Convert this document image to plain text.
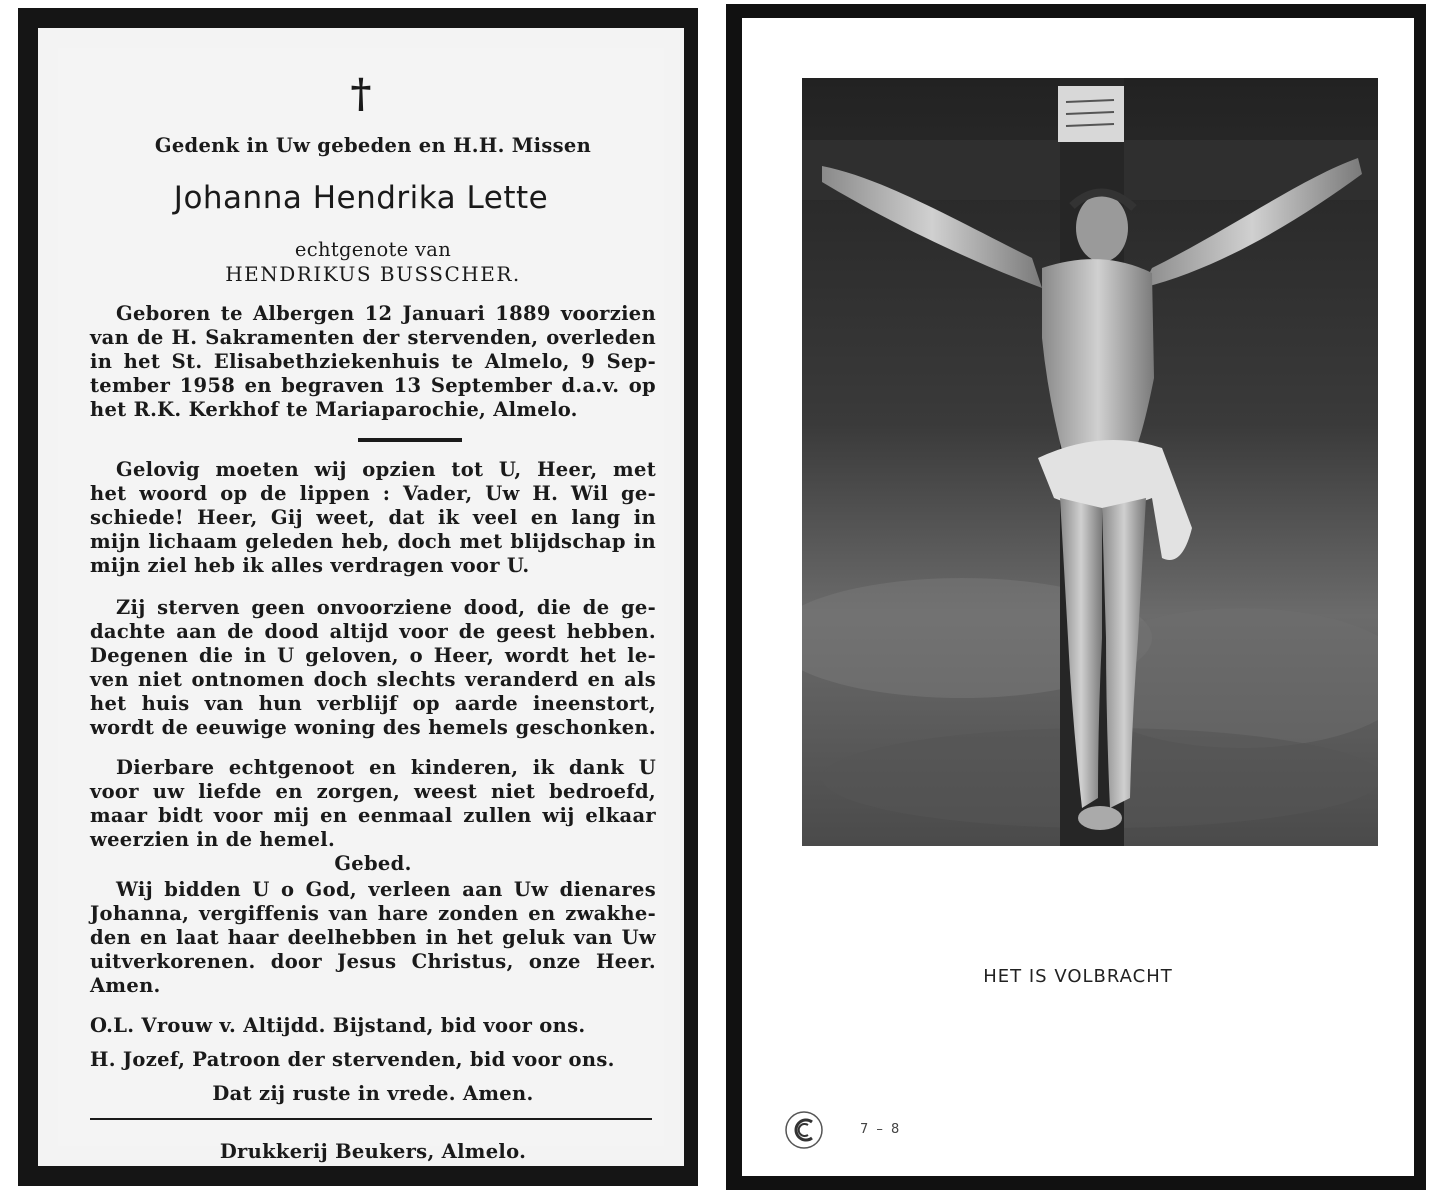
†
Gedenk in Uw gebeden en H.H. Missen
Johanna Hendrika Lette
echtgenote van
HENDRIKUS BUSSCHER.
Geboren te Albergen 12 Januari 1889 voorzien
van de H. Sakramenten der stervenden, overleden
in het St. Elisabethziekenhuis te Almelo, 9 Sep-
tember 1958 en begraven 13 September d.a.v. op
het R.K. Kerkhof te Mariaparochie, Almelo.
Gelovig moeten wij opzien tot U, Heer, met
het woord op de lippen : Vader, Uw H. Wil ge-
schiede! Heer, Gij weet, dat ik veel en lang in
mijn lichaam geleden heb, doch met blijdschap in
mijn ziel heb ik alles verdragen voor U.
Zij sterven geen onvoorziene dood, die de ge-
dachte aan de dood altijd voor de geest hebben.
Degenen die in U geloven, o Heer, wordt het le-
ven niet ontnomen doch slechts veranderd en als
het huis van hun verblijf op aarde ineenstort,
wordt de eeuwige woning des hemels geschonken.
Dierbare echtgenoot en kinderen, ik dank U
voor uw liefde en zorgen, weest niet bedroefd,
maar bidt voor mij en eenmaal zullen wij elkaar
weerzien in de hemel.
Gebed.
Wij bidden U o God, verleen aan Uw dienares
Johanna, vergiffenis van hare zonden en zwakhe-
den en laat haar deelhebben in het geluk van Uw
uitverkorenen. door Jesus Christus, onze Heer.
Amen.
O.L. Vrouw v. Altijdd. Bijstand, bid voor ons.
H. Jozef, Patroon der stervenden, bid voor ons.
Dat zij ruste in vrede. Amen.
Drukkerij Beukers, Almelo.
HET IS VOLBRACHT
7 – 8
